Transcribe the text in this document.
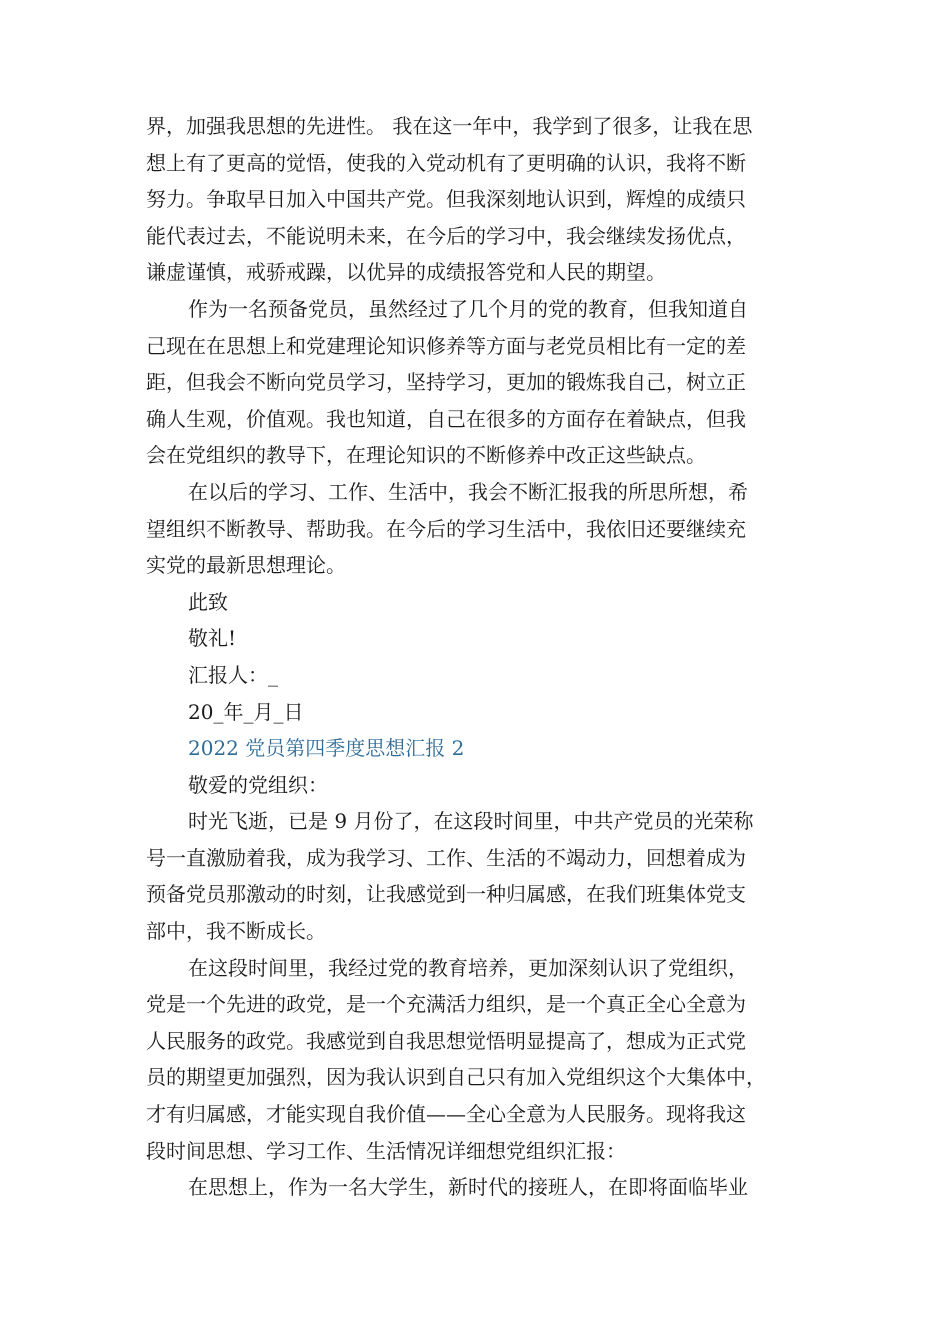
界，加强我思想的先进性。 我在这一年中，我学到了很多，让我在思
想上有了更高的觉悟，使我的入党动机有了更明确的认识，我将不断
努力。争取早日加入中国共产党。但我深刻地认识到，辉煌的成绩只
能代表过去，不能说明未来，在今后的学习中，我会继续发扬优点，
谦虚谨慎，戒骄戒躁，以优异的成绩报答党和人民的期望。
作为一名预备党员，虽然经过了几个月的党的教育，但我知道自
己现在在思想上和党建理论知识修养等方面与老党员相比有一定的差
距，但我会不断向党员学习，坚持学习，更加的锻炼我自己，树立正
确人生观，价值观。我也知道，自己在很多的方面存在着缺点，但我
会在党组织的教导下，在理论知识的不断修养中改正这些缺点。
在以后的学习、工作、生活中，我会不断汇报我的所思所想，希
望组织不断教导、帮助我。在今后的学习生活中，我依旧还要继续充
实党的最新思想理论。
此致
敬礼!
汇报人：_
20_年_月_日
2022 党员第四季度思想汇报 2
敬爱的党组织：
时光飞逝，已是 9 月份了，在这段时间里，中共产党员的光荣称
号一直激励着我，成为我学习、工作、生活的不竭动力，回想着成为
预备党员那激动的时刻，让我感觉到一种归属感，在我们班集体党支
部中，我不断成长。
在这段时间里，我经过党的教育培养，更加深刻认识了党组织，
党是一个先进的政党，是一个充满活力组织，是一个真正全心全意为
人民服务的政党。我感觉到自我思想觉悟明显提高了，想成为正式党
员的期望更加强烈，因为我认识到自己只有加入党组织这个大集体中，
才有归属感，才能实现自我价值——全心全意为人民服务。现将我这
段时间思想、学习工作、生活情况详细想党组织汇报：
在思想上，作为一名大学生，新时代的接班人，在即将面临毕业
